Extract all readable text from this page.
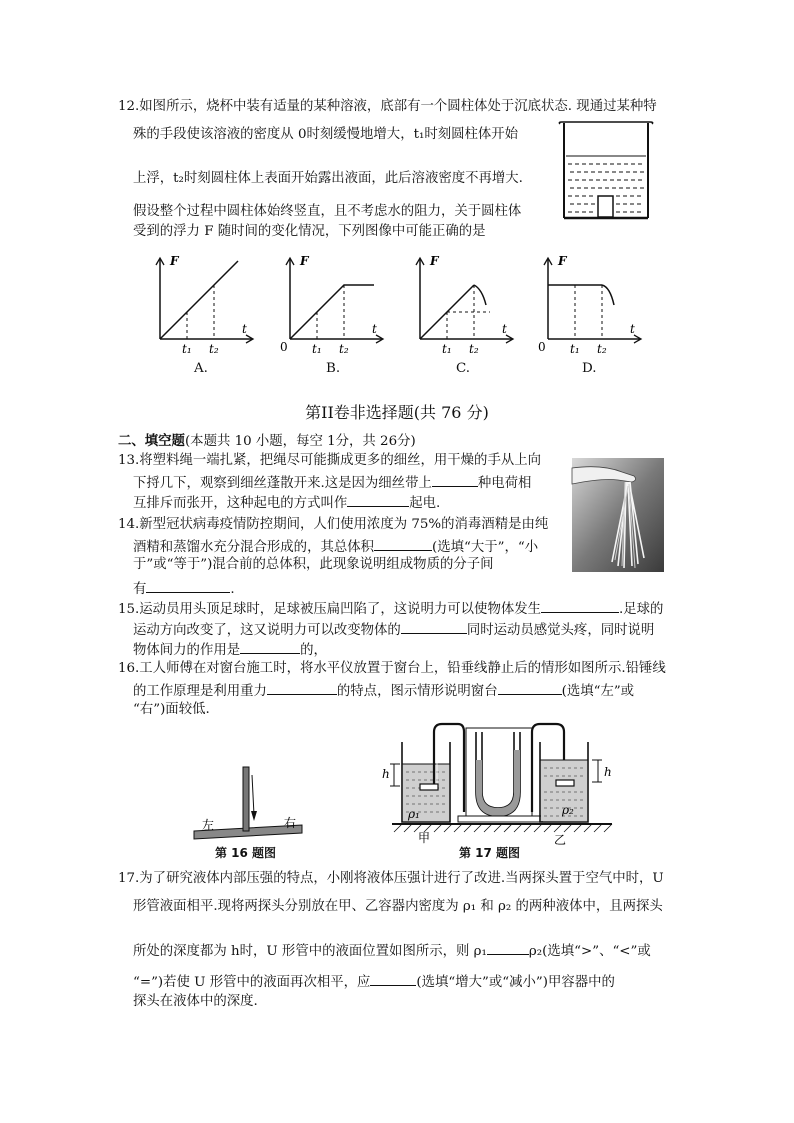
12.如图所示，烧杯中装有适量的某种溶液，底部有一个圆柱体处于沉底状态. 现通过某种特
殊的手段使该溶液的密度从 0时刻缓慢地增大，t₁时刻圆柱体开始
上浮，t₂时刻圆柱体上表面开始露出液面，此后溶液密度不再增大.
假设整个过程中圆柱体始终竖直，且不考虑水的阻力，关于圆柱体
受到的浮力 F 随时间的变化情况，下列图像中可能正确的是
F
t
t₁ t₂
A.
F
t
0 t₁ t₂
B.
F
t
t₁ t₂
C.
F
t
0 t₁ t₂
D.
第II卷非选择题(共 76 分)
二、填空题(本题共 10 小题，每空 1分，共 26分)
13.将塑料绳一端扎紧，把绳尽可能撕成更多的细丝，用干燥的手从上向
下捋几下，观察到细丝蓬散开来.这是因为细丝带上	种电荷相
互排斥而张开，这种起电的方式叫作	起电.
14.新型冠状病毒疫情防控期间，人们使用浓度为 75%的消毒酒精是由纯
酒精和蒸馏水充分混合形成的，其总体积	(选填“大于”，“小
于”或“等于”)混合前的总体积，此现象说明组成物质的分子间
有	.
15.运动员用头顶足球时，足球被压扁凹陷了，这说明力可以使物体发生	.足球的
运动方向改变了，这又说明力可以改变物体的	同时运动员感觉头疼，同时说明
物体间力的作用是	的，
16.工人师傅在对窗台施工时，将水平仪放置于窗台上，铅垂线静止后的情形如图所示.铅锤线
的工作原理是利用重力	的特点，图示情形说明窗台	(选填“左”或
“右”)面较低.
左	右
第 16 题图
h	h
ρ₁	ρ₂
甲	乙
第 17 题图
17.为了研究液体内部压强的特点，小刚将液体压强计进行了改进.当两探头置于空气中时，U
形管液面相平.现将两探头分别放在甲、乙容器内密度为 ρ₁ 和 ρ₂ 的两种液体中，且两探头
所处的深度都为 h时，U 形管中的液面位置如图所示，则 ρ₁	ρ₂(选填“>”、“<”或
“=”)若使 U 形管中的液面再次相平，应	(选填“增大”或“减小”)甲容器中的
探头在液体中的深度.
